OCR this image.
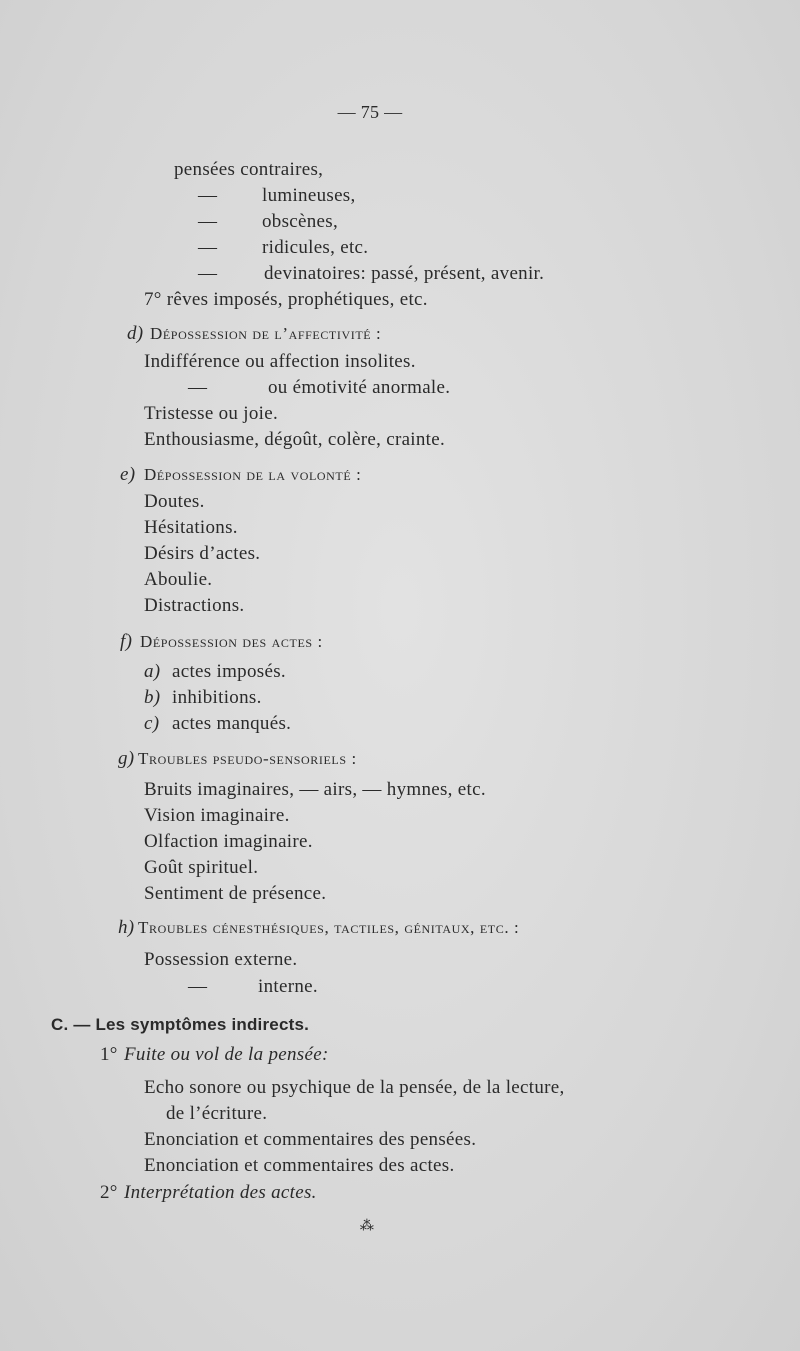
— 75 —
pensées contraires,
— lumineuses,
— obscènes,
— ridicules, etc.
— devinatoires: passé, présent, avenir.
7° rêves imposés, prophétiques, etc.
d) Dépossession de l’affectivité :
Indifférence ou affection insolites.
—	ou émotivité anormale.
Tristesse ou joie.
Enthousiasme, dégoût, colère, crainte.
e) Dépossession de la volonté :
Doutes.
Hésitations.
Désirs d’actes.
Aboulie.
Distractions.
f) Dépossession des actes :
a) actes imposés.
b) inhibitions.
c) actes manqués.
g) Troubles pseudo-sensoriels :
Bruits imaginaires, — airs, — hymnes, etc.
Vision imaginaire.
Olfaction imaginaire.
Goût spirituel.
Sentiment de présence.
h) Troubles cénesthésiques, tactiles, génitaux, etc. :
Possession externe.
—	interne.
C. — Les symptômes indirects.
1° Fuite ou vol de la pensée:
Echo sonore ou psychique de la pensée, de la lecture,
de l’écriture.
Enonciation et commentaires des pensées.
Enonciation et commentaires des actes.
2° Interprétation des actes.
⁂
